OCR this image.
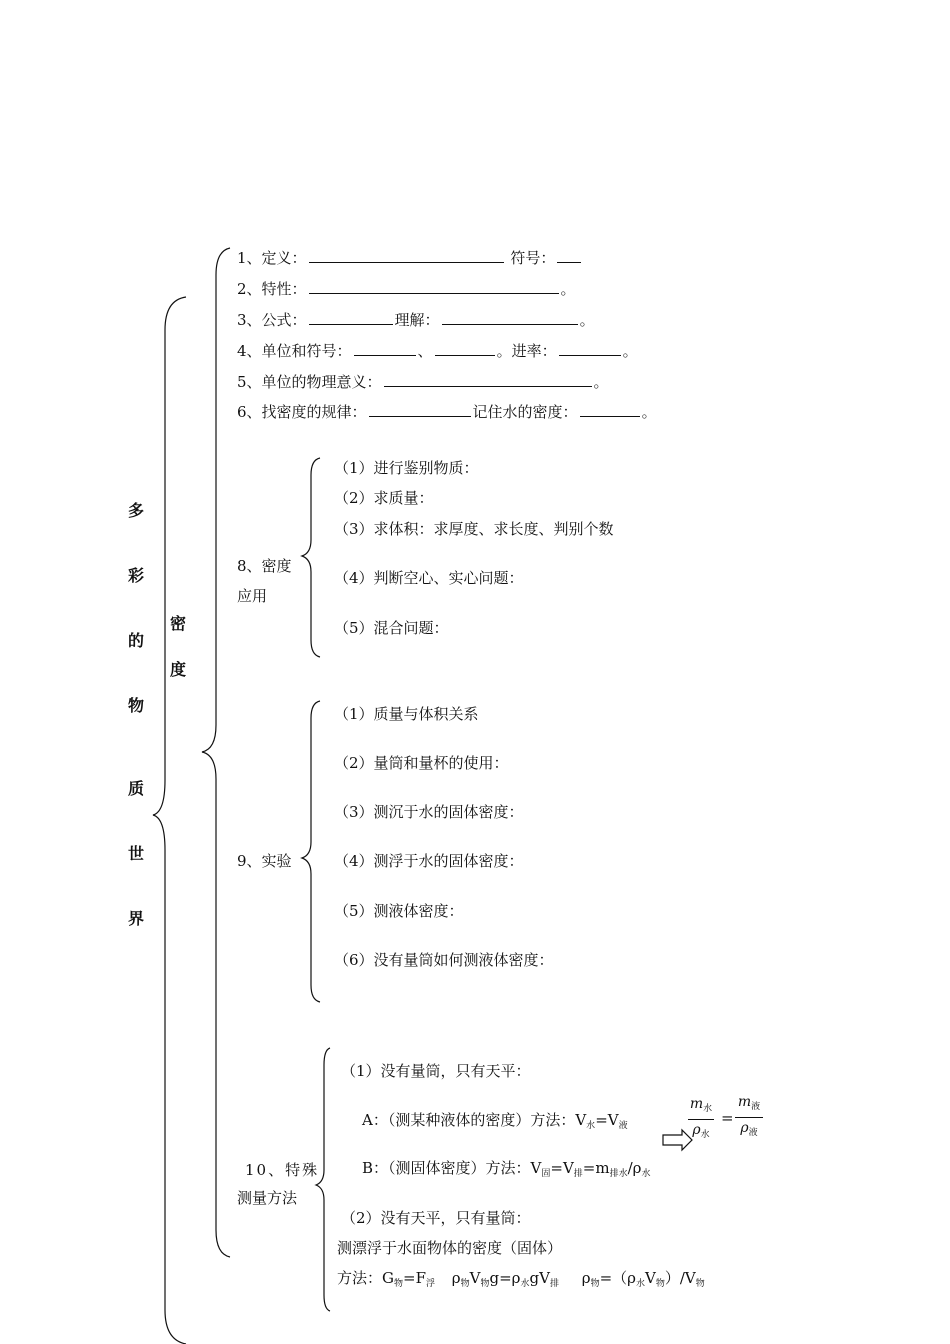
多
彩
的
物
质
世
界
密
度
1、定义：	符号：
2、特性：	。
3、公式：	理解：	。
4、单位和符号：	、	。进率：	。
5、单位的物理意义：	。
6、找密度的规律：	记住水的密度：	。
8、密度
应用
（1）进行鉴别物质：
（2）求质量：
（3）求体积：求厚度、求长度、判别个数
（4）判断空心、实心问题：
（5）混合问题：
9、实验
（1）质量与体积关系
（2）量筒和量杯的使用：
（3）测沉于水的固体密度：
（4）测浮于水的固体密度：
（5）测液体密度：
（6）没有量筒如何测液体密度：
10、特殊
测量方法
（1）没有量筒，只有天平：
A：（测某种液体的密度）方法：$V_水=V_液$
$m_水$
$\rho_水$
=
$m_液$
$\rho_液$
B：（测固体密度）方法：$V_固=V_排=m_{排水}/\rho_水$
（2）没有天平，只有量筒：
测漂浮于水面物体的密度（固体）
方法：$G_物=F_浮$ $\rho_物V_物g=\rho_水gV_排$ $\rho_物=(\rho_水V_物)/V_物$
